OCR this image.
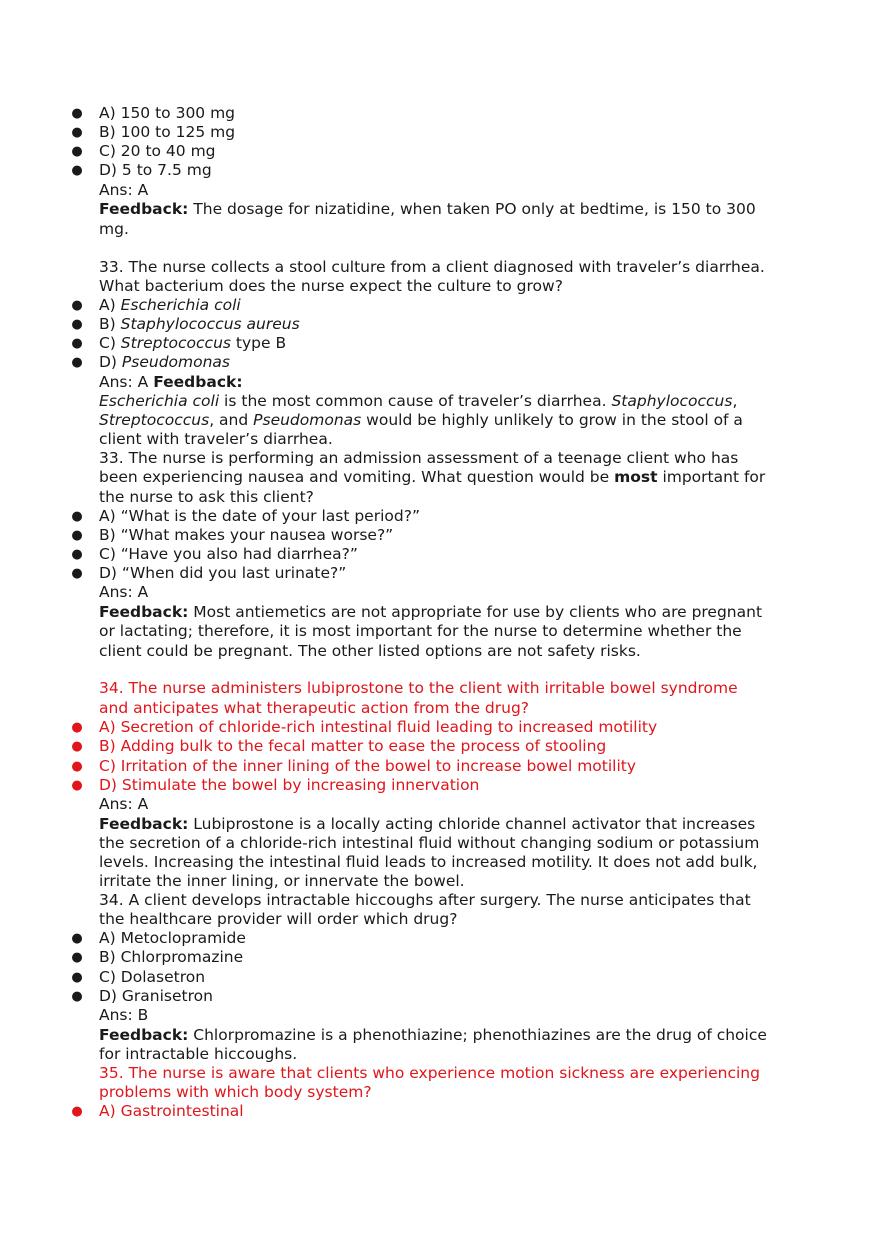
● A) 150 to 300 mg
● B) 100 to 125 mg
● C) 20 to 40 mg
● D) 5 to 7.5 mg
Ans: A
Feedback: The dosage for nizatidine, when taken PO only at bedtime, is 150 to 300
mg.
33. The nurse collects a stool culture from a client diagnosed with traveler’s diarrhea.
What bacterium does the nurse expect the culture to grow?
● A) Escherichia coli
● B) Staphylococcus aureus
● C) Streptococcus type B
● D) Pseudomonas
Ans: A Feedback:
Escherichia coli is the most common cause of traveler’s diarrhea. Staphylococcus,
Streptococcus, and Pseudomonas would be highly unlikely to grow in the stool of a
client with traveler’s diarrhea.
33. The nurse is performing an admission assessment of a teenage client who has
been experiencing nausea and vomiting. What question would be most important for
the nurse to ask this client?
● A) “What is the date of your last period?”
● B) “What makes your nausea worse?”
● C) “Have you also had diarrhea?”
● D) “When did you last urinate?”
Ans: A
Feedback: Most antiemetics are not appropriate for use by clients who are pregnant
or lactating; therefore, it is most important for the nurse to determine whether the
client could be pregnant. The other listed options are not safety risks.
34. The nurse administers lubiprostone to the client with irritable bowel syndrome
and anticipates what therapeutic action from the drug?
● A) Secretion of chloride-rich intestinal fluid leading to increased motility
● B) Adding bulk to the fecal matter to ease the process of stooling
● C) Irritation of the inner lining of the bowel to increase bowel motility
● D) Stimulate the bowel by increasing innervation
Ans: A
Feedback: Lubiprostone is a locally acting chloride channel activator that increases
the secretion of a chloride-rich intestinal fluid without changing sodium or potassium
levels. Increasing the intestinal fluid leads to increased motility. It does not add bulk,
irritate the inner lining, or innervate the bowel.
34. A client develops intractable hiccoughs after surgery. The nurse anticipates that
the healthcare provider will order which drug?
● A) Metoclopramide
● B) Chlorpromazine
● C) Dolasetron
● D) Granisetron
Ans: B
Feedback: Chlorpromazine is a phenothiazine; phenothiazines are the drug of choice
for intractable hiccoughs.
35. The nurse is aware that clients who experience motion sickness are experiencing
problems with which body system?
● A) Gastrointestinal
